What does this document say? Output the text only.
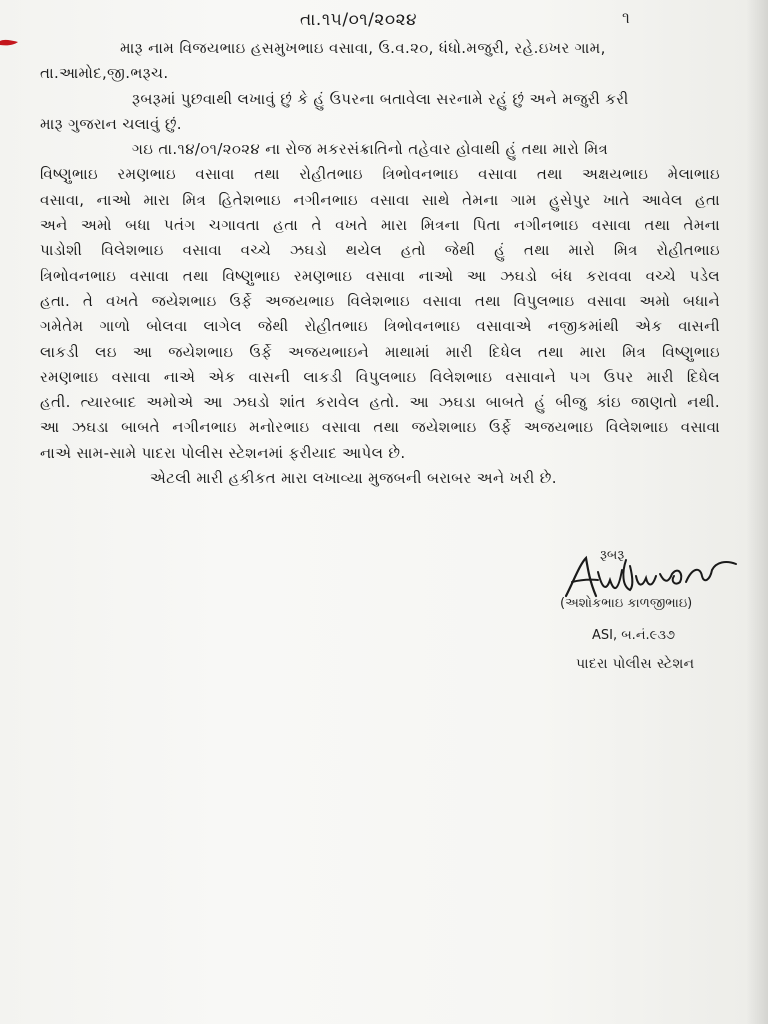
તા.૧૫/૦૧/૨૦૨૪	૧
મારૂ નામ વિજયભાઇ હસમુખભાઇ વસાવા, ઉ.વ.૨૦, ધંધો.મજુરી, રહે.ઇખર ગામ,
તા.આમોદ,જી.ભરૂચ.
રૂબરૂમાં પુછવાથી લખાવું છું કે હું ઉપરના બતાવેલા સરનામે રહું છું અને મજુરી કરી
મારૂ ગુજરાન ચલાવું છું.
ગઇ તા.૧૪/૦૧/૨૦૨૪ ના રોજ મકરસંક્રાતિનો તહેવાર હોવાથી હું તથા મારો મિત્ર
વિષ્ણુભાઇ રમણભાઇ વસાવા તથા રોહીતભાઇ ત્રિભોવનભાઇ વસાવા તથા અક્ષયભાઇ મેલાભાઇ
વસાવા, નાઓ મારા મિત્ર હિતેશભાઇ નગીનભાઇ વસાવા સાથે તેમના ગામ હુસેપુર ખાતે આવેલ હતા
અને અમો બધા પતંગ ચગાવતા હતા તે વખતે મારા મિત્રના પિતા નગીનભાઇ વસાવા તથા તેમના
પાડોશી વિલેશભાઇ વસાવા વચ્ચે ઝઘડો થયેલ હતો જેથી હું તથા મારો મિત્ર રોહીતભાઇ
ત્રિભોવનભાઇ વસાવા તથા વિષ્ણુભાઇ રમણભાઇ વસાવા નાઓ આ ઝઘડો બંધ કરાવવા વચ્ચે પડેલ
હતા. તે વખતે જયેશભાઇ ઉર્ફે અજયભાઇ વિલેશભાઇ વસાવા તથા વિપુલભાઇ વસાવા અમો બધાને
ગમેતેમ ગાળો બોલવા લાગેલ જેથી રોહીતભાઇ ત્રિભોવનભાઇ વસાવાએ નજીકમાંથી એક વાસની
લાકડી લઇ આ જયેશભાઇ ઉર્ફે અજયભાઇને માથામાં મારી દિધેલ તથા મારા મિત્ર વિષ્ણુભાઇ
રમણભાઇ વસાવા નાએ એક વાસની લાકડી વિપુલભાઇ વિલેશભાઇ વસાવાને પગ ઉપર મારી દિધેલ
હતી. ત્યારબાદ અમોએ આ ઝઘડો શાંત કરાવેલ હતો. આ ઝઘડા બાબતે હું બીજુ કાંઇ જાણતો નથી.
આ ઝઘડા બાબતે નગીનભાઇ મનોરભાઇ વસાવા તથા જયેશભાઇ ઉર્ફે અજયભાઇ વિલેશભાઇ વસાવા
નાએ સામ-સામે પાદરા પોલીસ સ્ટેશનમાં ફરીયાદ આપેલ છે.
એટલી મારી હકીકત મારા લખાવ્યા મુજબની બરાબર અને ખરી છે.
રૂબરૂ
(અશોકભાઇ કાળજીભાઇ)
ASI, બ.નં.૯૩૭
પાદરા પોલીસ સ્ટેશન
